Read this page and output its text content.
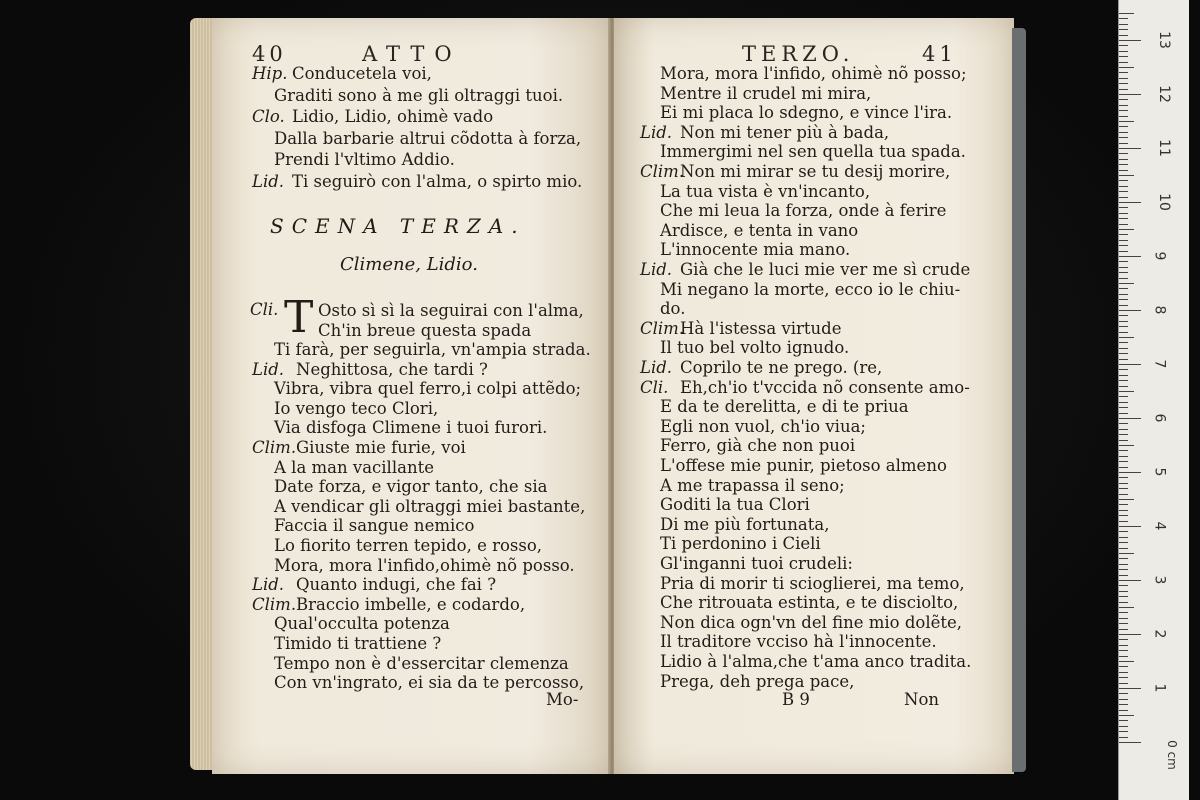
40	ATTO
Hip. Conducetela voi,
Graditi sono à me gli oltraggi tuoi.
Clo. Lidio, Lidio, ohimè vado
Dalla barbarie altrui cõdotta à forza,
Prendi l'vltimo Addio.
Lid. Ti seguirò con l'alma, o spirto mio.
SCENA TERZA.
Climene, Lidio.
Cli. T Osto sì sì la seguirai con l'alma,
Ch'in breue questa spada
Ti farà, per seguirla, vn'ampia strada.
Lid. Neghittosa, che tardi ?
Vibra, vibra quel ferro,i colpi attẽdo;
Io vengo teco Clori,
Via disfoga Climene i tuoi furori.
Clim. Giuste mie furie, voi
A la man vacillante
Date forza, e vigor tanto, che sia
A vendicar gli oltraggi miei bastante,
Faccia il sangue nemico
Lo fiorito terren tepido, e rosso,
Mora, mora l'infido,ohimè nõ posso.
Lid. Quanto indugi, che fai ?
Clim. Braccio imbelle, e codardo,
Qual'occulta potenza
Timido ti trattiene ?
Tempo non è d'essercitar clemenza
Con vn'ingrato, ei sia da te percosso,
Mo-
TERZO.	41
Mora, mora l'infido, ohimè nõ posso;
Mentre il crudel mi mira,
Ei mi placa lo sdegno, e vince l'ira.
Lid. Non mi tener più à bada,
Immergimi nel sen quella tua spada.
Clim.
Non mi mirar se tu desij morire,
La tua vista è vn'incanto,
Che mi leua la forza, onde à ferire
Ardisce, e tenta in vano
L'innocente mia mano.
Lid. Già che le luci mie ver me sì crude
Mi negano la morte, ecco io le chiu-
do.
Clim.
Hà l'istessa virtude
Il tuo bel volto ignudo.
Lid. Coprilo te ne prego. (re,
Cli. Eh,ch'io t'vccida nõ consente amo-
E da te derelitta, e di te priua
Egli non vuol, ch'io viua;
Ferro, già che non puoi
L'offese mie punir, pietoso almeno
A me trapassa il seno;
Goditi la tua Clori
Di me più fortunata,
Ti perdonino i Cieli
Gl'inganni tuoi crudeli:
Pria di morir ti scioglierei, ma temo,
Che ritrouata estinta, e te disciolto,
Non dica ogn'vn del fine mio dolẽte,
Il traditore vcciso hà l'innocente.
Lidio à l'alma,che t'ama anco tradita.
Prega, deh prega pace,
B 9	Non
0 cm
1
2
3
4
5
6
7
8
9
10
11
12
13
